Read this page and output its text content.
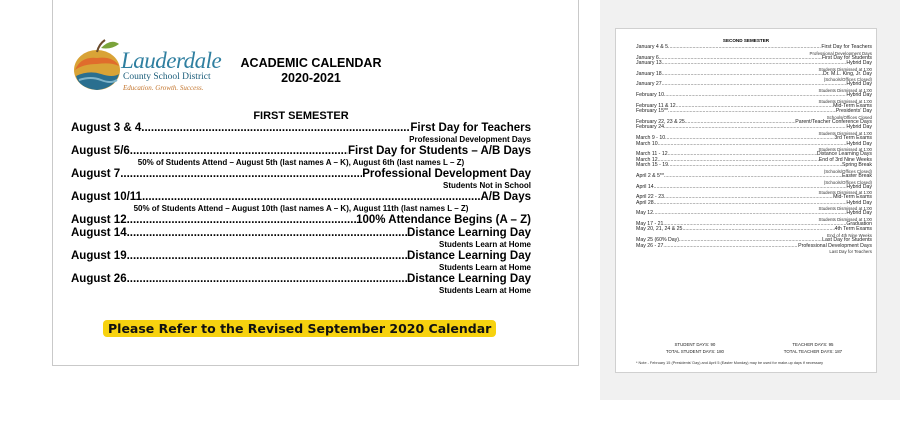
Lauderdale
County School District
Education. Growth. Success.
ACADEMIC CALENDAR
2020-2021
FIRST SEMESTER
August 3 & 4 .....	First Day for Teachers
Professional Development Days
August 5/6 .....	First Day for Students – A/B Days
50% of Students Attend – August 5th (last names A – K), August 6th (last names L – Z)
August 7 .....	Professional Development Day
Students Not in School
August 10/11 .....	A/B Days
50% of Students Attend – August 10th (last names A – K), August 11th (last names L – Z)
August 12 .....	100% Attendance Begins (A – Z)
August 14 .....	Distance Learning Day
Students Learn at Home
August 19 .....	Distance Learning Day
Students Learn at Home
August 26 .....	Distance Learning Day
Students Learn at Home
Please Refer to the Revised September 2020 Calendar
SECOND SEMESTER
January 4 & 5 .....	First Day for Teachers
Professional Development Days
January 6 .....	First Day for Students
January 13 .....	Hybrid Day
Students Dismissed at 1:00
January 18 .....	Dr. M.L. King, Jr. Day
(Schools/Offices Closed)
January 27 .....	Hybrid Day
Students Dismissed at 1:00
February 10 .....	Hybrid Day
Students Dismissed at 1:00
February 11 & 12 .....	Mid-Term Exams
February 15** .....	Presidents' Day
Schools/Offices Closed
February 22, 23 & 25 .....	Parent/Teacher Conference Days
February 24 .....	Hybrid Day
Students Dismissed at 1:00
March 9 - 10 .....	3rd Term Exams
March 10 .....	Hybrid Day
Students Dismissed at 1:00
March 11 - 12 .....	Distance Learning Days
March 12 .....	End of 3rd Nine Weeks
March 15 - 19 .....	Spring Break
(Schools/Offices Closed)
April 2 & 5** .....	Easter Break
(Schools/Offices Closed)
April 14 .....	Hybrid Day
Students Dismissed at 1:00
April 22 - 23 .....	Mid-Term Exams
April 28 .....	Hybrid Day
Students Dismissed at 1:00
May 12 .....	Hybrid Day
Students Dismissed at 1:00
May 17 - 21 .....	Graduation
May 20, 21, 24 & 25 .....	4th Term Exams
End of 4th Nine Weeks
May 25 (60% Day) .....	Last Day for Students
May 26 - 27 .....	Professional Development Days
Last Day for Teachers
STUDENT DAYS: 90	TEACHER DAYS: 95
TOTAL STUDENT DAYS: 180	TOTAL TEACHER DAYS: 187
* Note - February 15 (Presidents' Day) and April 5 (Easter Monday) may be used for make-up days if necessary
